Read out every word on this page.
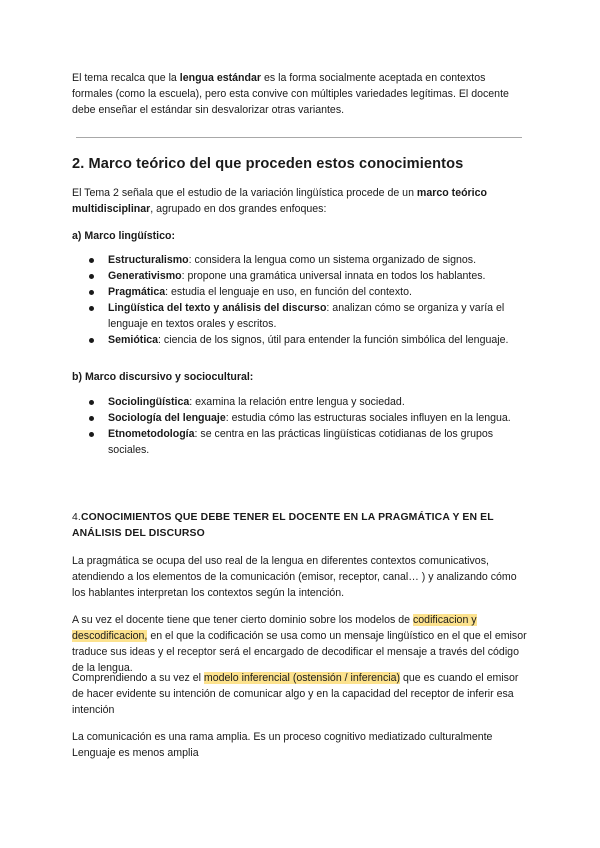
El tema recalca que la lengua estándar es la forma socialmente aceptada en contextos formales (como la escuela), pero esta convive con múltiples variedades legítimas. El docente debe enseñar el estándar sin desvalorizar otras variantes.

2. Marco teórico del que proceden estos conocimientos

El Tema 2 señala que el estudio de la variación lingüística procede de un marco teórico multidisciplinar, agrupado en dos grandes enfoques:

a) Marco lingüístico:
Estructuralismo: considera la lengua como un sistema organizado de signos.
Generativismo: propone una gramática universal innata en todos los hablantes.
Pragmática: estudia el lenguaje en uso, en función del contexto.
Lingüística del texto y análisis del discurso: analizan cómo se organiza y varía el lenguaje en textos orales y escritos.
Semiótica: ciencia de los signos, útil para entender la función simbólica del lenguaje.
b) Marco discursivo y sociocultural:
Sociolingüística: examina la relación entre lengua y sociedad.
Sociología del lenguaje: estudia cómo las estructuras sociales influyen en la lengua.
Etnometodología: se centra en las prácticas lingüísticas cotidianas de los grupos sociales.

4.CONOCIMIENTOS QUE DEBE TENER EL DOCENTE EN LA PRAGMÁTICA Y EN EL ANÁLISIS DEL DISCURSO

La pragmática se ocupa del uso real de la lengua en diferentes contextos comunicativos, atendiendo a los elementos de la comunicación (emisor, receptor, canal… ) y analizando cómo los hablantes interpretan los contextos según la intención.

A su vez el docente tiene que tener cierto dominio sobre los modelos de codificacion y descodificacion, en el que la codificación se usa como un mensaje lingüístico en el que el emisor traduce sus ideas y el receptor será el encargado de decodificar el mensaje a través del código de la lengua.

Comprendiendo a su vez el modelo inferencial (ostensión / inferencia) que es cuando el emisor de hacer evidente su intención de comunicar algo y en la capacidad del receptor de inferir esa intención

La comunicación es una rama amplia. Es un proceso cognitivo mediatizado culturalmente

Lenguaje es menos amplia
